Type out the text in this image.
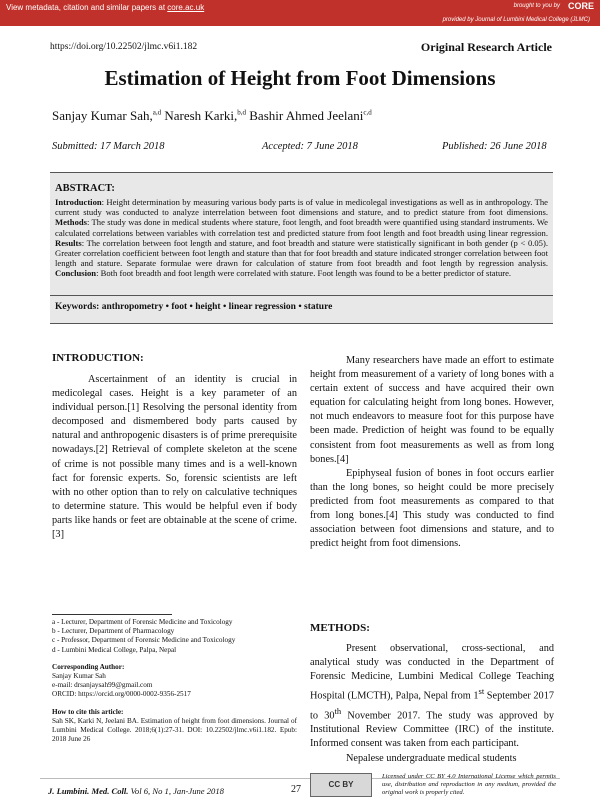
View metadata, citation and similar papers at core.ac.uk	brought to you by CORE
provided by Journal of Lumbini Medical College (JLMC)
https://doi.org/10.22502/jlmc.v6i1.182	Original Research Article
Estimation of Height from Foot Dimensions
Sanjay Kumar Sah,$^{a,d}$ Naresh Karki,$^{b,d}$ Bashir Ahmed Jeelani$^{c,d}$
Submitted: 17 March 2018	Accepted: 7 June 2018	Published: 26 June 2018
ABSTRACT:
Introduction: Height determination by measuring various body parts is of value in medicolegal investigations as well as in anthropology. The current study was conducted to analyze interrelation between foot dimensions and stature, and to predict stature from foot dimensions. Methods: The study was done in medical students where stature, foot length, and foot breadth were quantified using standard instruments. We calculated correlations between variables with correlation test and predicted stature from foot length and foot breadth using linear regression. Results: The correlation between foot length and stature, and foot breadth and stature were statistically significant in both gender (p < 0.05). Greater correlation coefficient between foot length and stature than that for foot breadth and stature indicated stronger correlation between foot length and stature. Separate formulae were drawn for calculation of stature from foot breadth and foot length by regression analysis. Conclusion: Both foot breadth and foot length were correlated with stature. Foot length was found to be a better predictor of stature.
Keywords: anthropometry • foot • height • linear regression • stature
INTRODUCTION:

Ascertainment of an identity is crucial in medicolegal cases. Height is a key parameter of an individual person.[1] Resolving the personal identity from decomposed and dismembered body parts caused by natural and anthropogenic disasters is of prime prerequisite nowadays.[2] Retrieval of complete skeleton at the scene of crime is not possible many times and is a well-known fact for forensic experts. So, forensic scientists are left with no other option than to rely on calculative techniques to determine stature. This would be helpful even if body parts like hands or feet are obtainable at the scene of crime.[3]

Many researchers have made an effort to estimate height from measurement of a variety of long bones with a certain extent of success and have acquired their own equation for calculating height from long bones. However, not much endeavors to measure foot for this purpose have been made. Prediction of height was found to be equally consistent from foot measurements as well as from long bones.[4]

Epiphyseal fusion of bones in foot occurs earlier than the long bones, so height could be more precisely predicted from foot measurements as compared to that from long bones.[4] This study was conducted to find association between foot dimensions and stature, and to predict height from foot dimensions.

METHODS:

Present observational, cross-sectional, and analytical study was conducted in the Department of Forensic Medicine, Lumbini Medical College Teaching Hospital (LMCTH), Palpa, Nepal from 1st September 2017 to 30th November 2017. The study was approved by Institutional Review Committee (IRC) of the institute. Informed consent was taken from each participant.

Nepalese undergraduate medical students

a - Lecturer, Department of Forensic Medicine and Toxicology
b - Lecturer, Department of Pharmacology
c - Professor, Department of Forensic Medicine and Toxicology
d - Lumbini Medical College, Palpa, Nepal
Corresponding Author:
Sanjay Kumar Sah
e-mail: drsanjaysah99@gmail.com
ORCID: https://orcid.org/0000-0002-9356-2517
How to cite this article:
Sah SK, Karki N, Jeelani BA. Estimation of height from foot dimensions. Journal of Lumbini Medical College. 2018;6(1):27-31. DOI: 10.22502/jlmc.v6i1.182. Epub: 2018 June 26
J. Lumbini. Med. Coll. Vol 6, No 1, Jan-June 2018	27	CC BY
Licensed under CC BY 4.0 International License which permits use, distribution and reproduction in any medium, provided the original work is properly cited.
